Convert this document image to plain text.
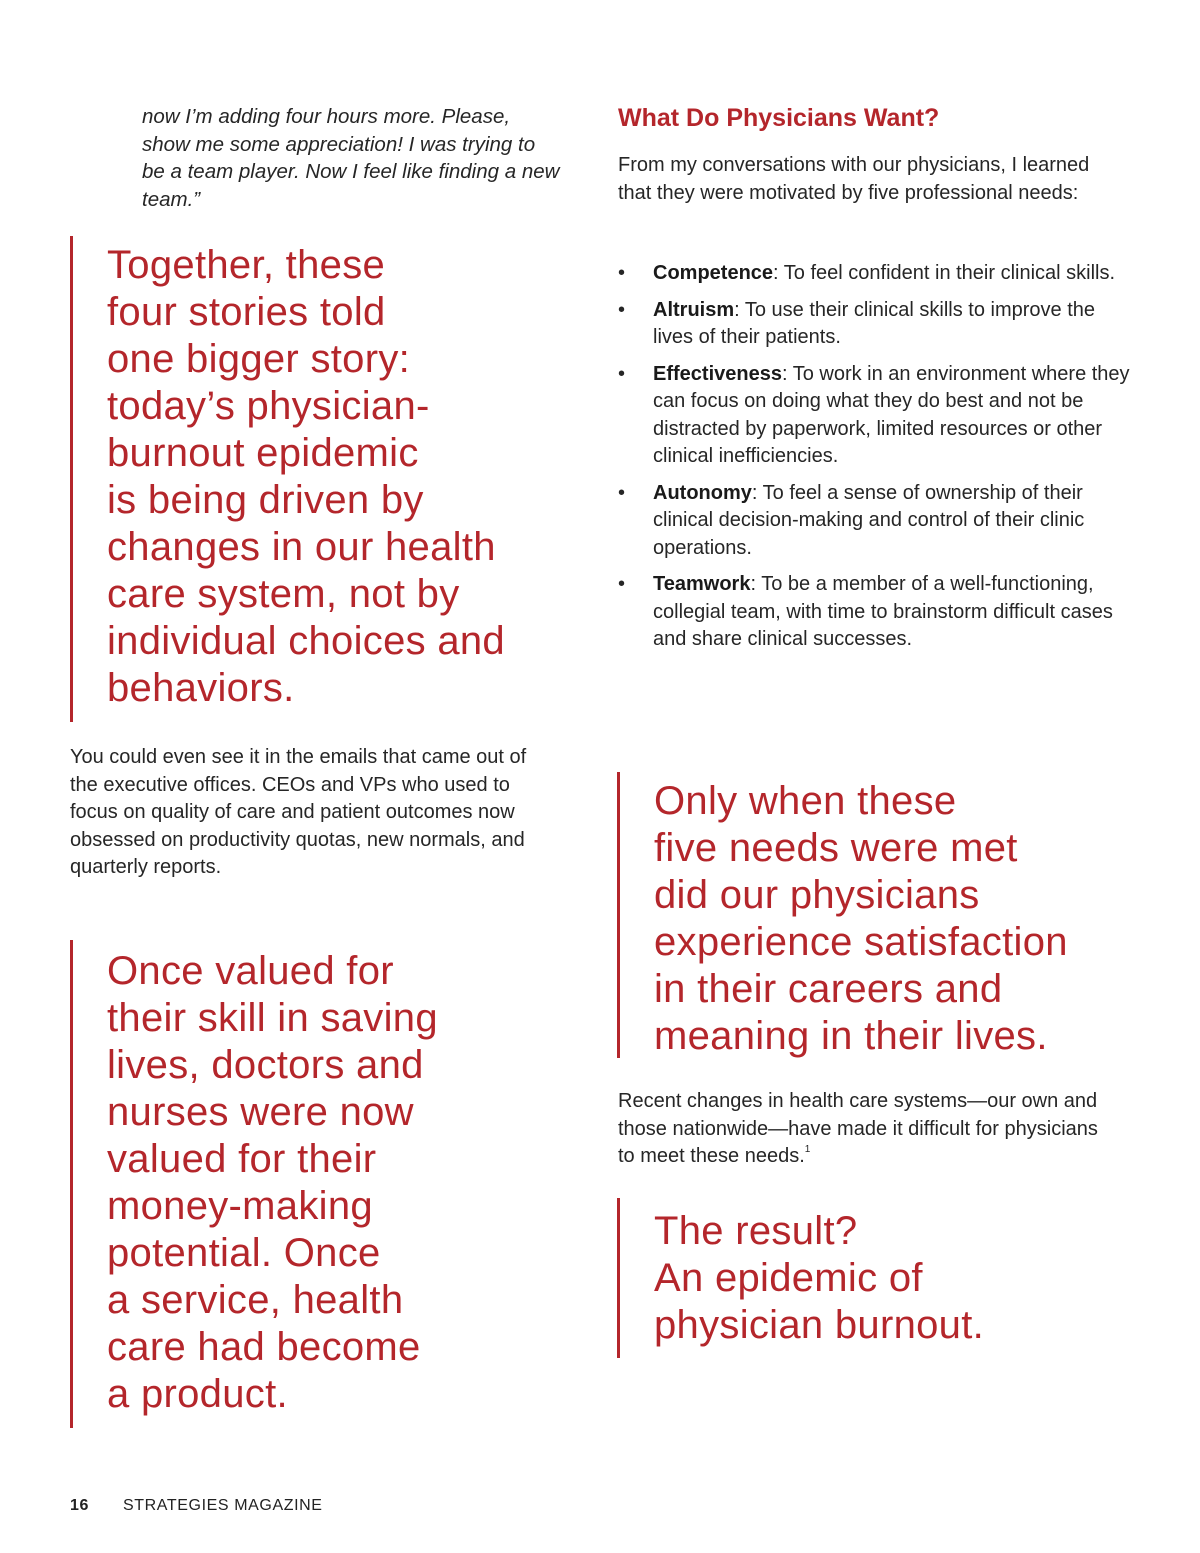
now I’m adding four hours more. Please, show me some appreciation! I was trying to be a team player. Now I feel like finding a new team.”

Together, these
four stories told
one bigger story:
today’s physician-
burnout epidemic
is being driven by
changes in our health
care system, not by
individual choices and
behaviors.

You could even see it in the emails that came out of the executive offices. CEOs and VPs who used to focus on quality of care and patient outcomes now obsessed on productivity quotas, new normals, and quarterly reports.

Once valued for
their skill in saving
lives, doctors and
nurses were now
valued for their
money-making
potential. Once
a service, health
care had become
a product.

What Do Physicians Want?

From my conversations with our physicians, I learned that they were motivated by five professional needs:

• Competence: To feel confident in their clinical skills.
• Altruism: To use their clinical skills to improve the lives of their patients.
• Effectiveness: To work in an environment where they can focus on doing what they do best and not be distracted by paperwork, limited resources or other clinical inefficiencies.
• Autonomy: To feel a sense of ownership of their clinical decision-making and control of their clinic operations.
• Teamwork: To be a member of a well-functioning, collegial team, with time to brainstorm difficult cases and share clinical successes.

Only when these
five needs were met
did our physicians
experience satisfaction
in their careers and
meaning in their lives.

Recent changes in health care systems—our own and those nationwide—have made it difficult for physicians to meet these needs.$^1$

The result?
An epidemic of
physician burnout.

16 STRATEGIES MAGAZINE
